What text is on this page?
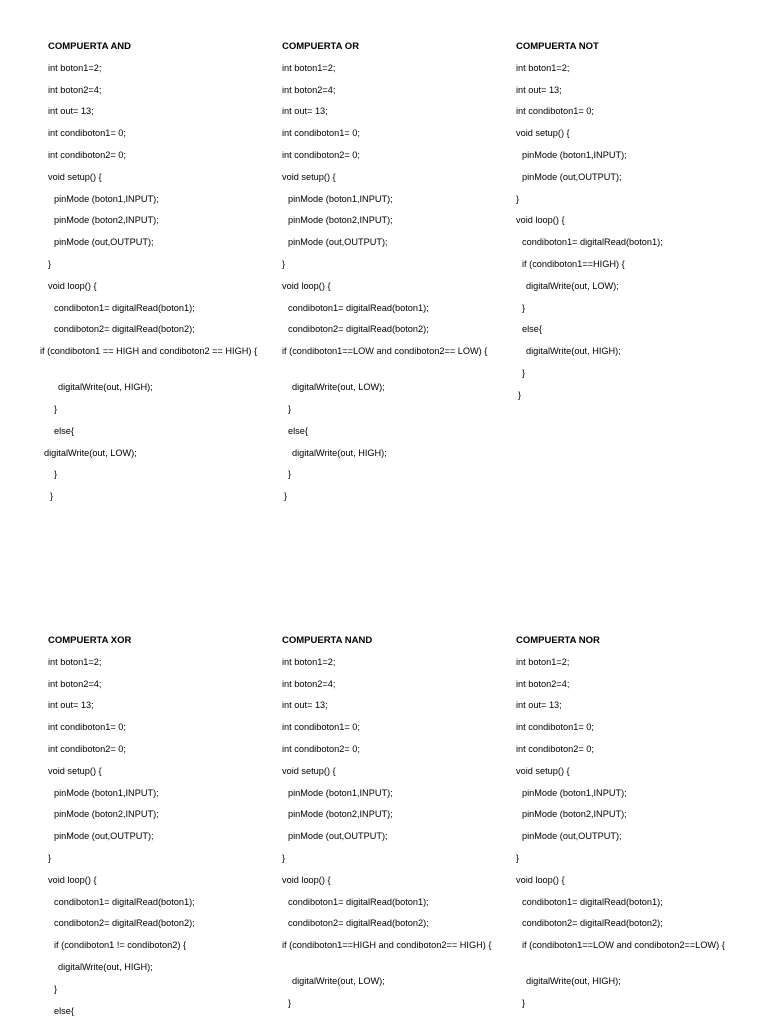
COMPUERTA AND
int boton1=2;
int boton2=4;
int out= 13;
int condiboton1= 0;
int condiboton2= 0;
void setup() {
pinMode (boton1,INPUT);
pinMode (boton2,INPUT);
pinMode (out,OUTPUT);
}
void loop() {
condiboton1= digitalRead(boton1);
condiboton2= digitalRead(boton2);
if (condiboton1 == HIGH and condiboton2 == HIGH) {
digitalWrite(out, HIGH);
}
else{
digitalWrite(out, LOW);
}
}
COMPUERTA OR
int boton1=2;
int boton2=4;
int out= 13;
int condiboton1= 0;
int condiboton2= 0;
void setup() {
pinMode (boton1,INPUT);
pinMode (boton2,INPUT);
pinMode (out,OUTPUT);
}
void loop() {
condiboton1= digitalRead(boton1);
condiboton2= digitalRead(boton2);
if (condiboton1==LOW and condiboton2== LOW) {
digitalWrite(out, LOW);
}
else{
digitalWrite(out, HIGH);
}
}
COMPUERTA NOT
int boton1=2;
int out= 13;
int condiboton1= 0;
void setup() {
pinMode (boton1,INPUT);
pinMode (out,OUTPUT);
}
void loop() {
condiboton1= digitalRead(boton1);
if (condiboton1==HIGH) {
digitalWrite(out, LOW);
}
else{
digitalWrite(out, HIGH);
}
}
COMPUERTA XOR
int boton1=2;
int boton2=4;
int out= 13;
int condiboton1= 0;
int condiboton2= 0;
void setup() {
pinMode (boton1,INPUT);
pinMode (boton2,INPUT);
pinMode (out,OUTPUT);
}
void loop() {
condiboton1= digitalRead(boton1);
condiboton2= digitalRead(boton2);
if (condiboton1 != condiboton2) {
digitalWrite(out, HIGH);
}
else{
COMPUERTA NAND
int boton1=2;
int boton2=4;
int out= 13;
int condiboton1= 0;
int condiboton2= 0;
void setup() {
pinMode (boton1,INPUT);
pinMode (boton2,INPUT);
pinMode (out,OUTPUT);
}
void loop() {
condiboton1= digitalRead(boton1);
condiboton2= digitalRead(boton2);
if (condiboton1==HIGH and condiboton2== HIGH) {
digitalWrite(out, LOW);
}
COMPUERTA NOR
int boton1=2;
int boton2=4;
int out= 13;
int condiboton1= 0;
int condiboton2= 0;
void setup() {
pinMode (boton1,INPUT);
pinMode (boton2,INPUT);
pinMode (out,OUTPUT);
}
void loop() {
condiboton1= digitalRead(boton1);
condiboton2= digitalRead(boton2);
if (condiboton1==LOW and condiboton2==LOW) {
digitalWrite(out, HIGH);
}
